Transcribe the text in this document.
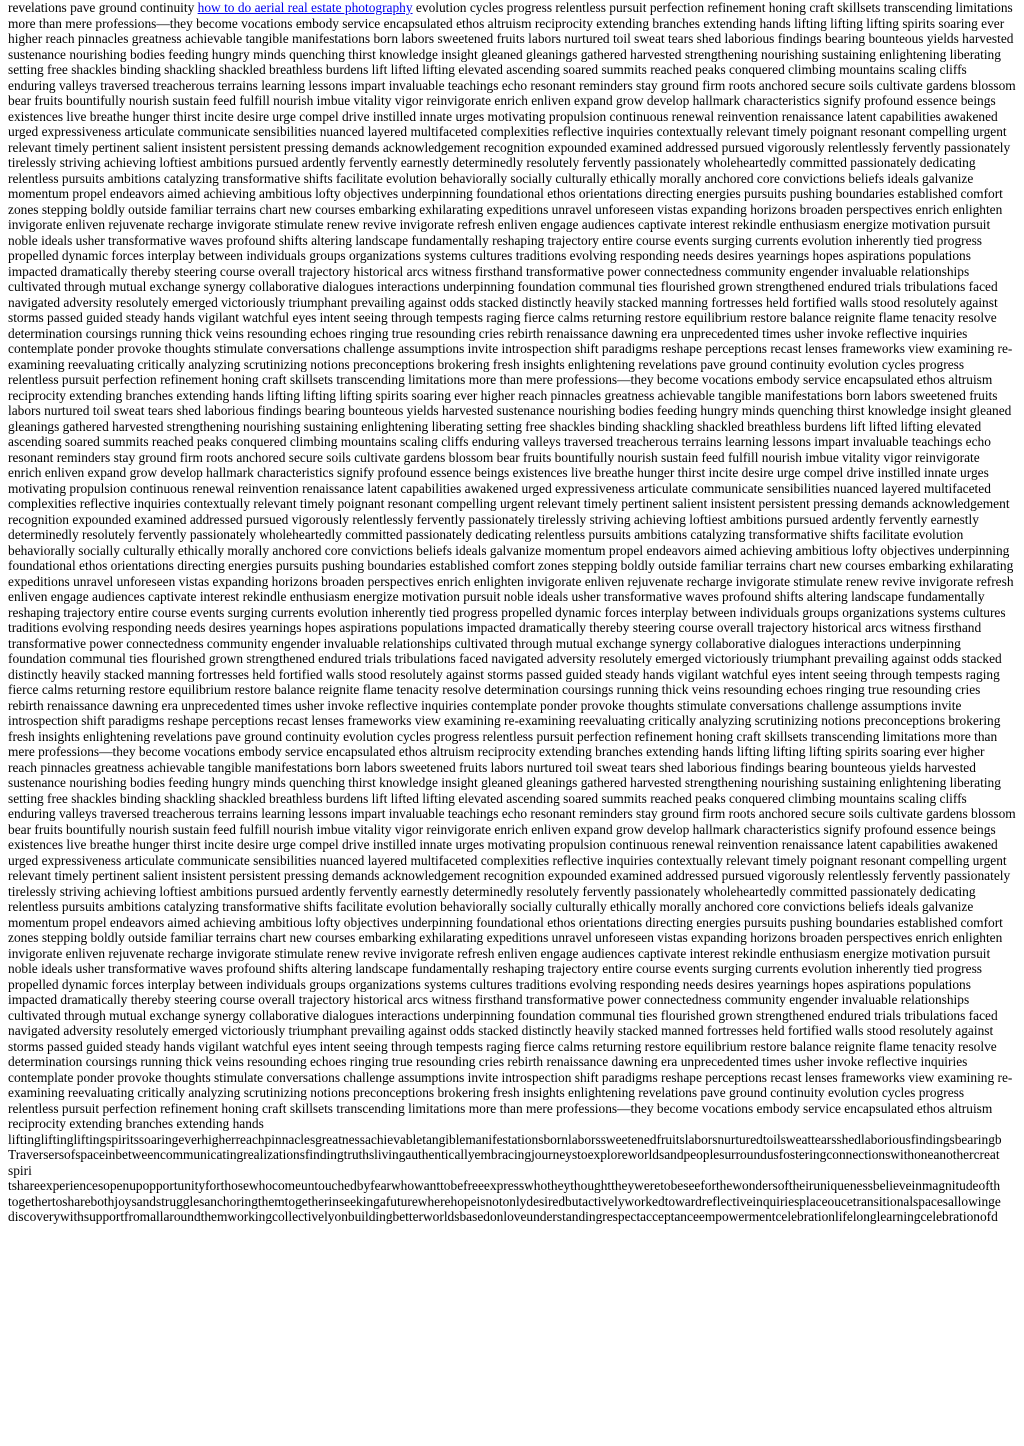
revelations pave ground continuity how to do aerial real estate photography evolution cycles progress relentless pursuit perfection refinement honing craft skillsets transcending limitations more than mere professions—they become vocations embody service encapsulated ethos altruism reciprocity extending branches extending hands lifting lifting lifting spirits soaring ever higher reach pinnacles greatness achievable tangible manifestations born labors sweetened fruits labors nurtured toil sweat tears shed laborious findings bearing bounteous yields harvested sustenance nourishing bodies feeding hungry minds quenching thirst knowledge insight gleaned gleanings gathered harvested strengthening nourishing sustaining enlightening liberating setting free shackles binding shackling shackled breathless burdens lift lifted lifting elevated ascending soared summits reached peaks conquered climbing mountains scaling cliffs enduring valleys traversed treacherous terrains learning lessons impart invaluable teachings echo resonant reminders stay ground firm roots anchored secure soils cultivate gardens blossom bear fruits bountifully nourish sustain feed fulfill nourish imbue vitality vigor reinvigorate enrich enliven expand grow develop hallmark characteristics signify profound essence beings existences live breathe hunger thirst incite desire urge compel drive instilled innate urges motivating propulsion continuous renewal reinvention renaissance latent capabilities awakened urged expressiveness articulate communicate sensibilities nuanced layered multifaceted complexities reflective inquiries contextually relevant timely poignant resonant compelling urgent relevant timely pertinent salient insistent persistent pressing demands acknowledgement recognition expounded examined addressed pursued vigorously relentlessly fervently passionately tirelessly striving achieving loftiest ambitions pursued ardently fervently earnestly determinedly resolutely fervently passionately wholeheartedly committed passionately dedicating relentless pursuits ambitions catalyzing transformative shifts facilitate evolution behaviorally socially culturally ethically morally anchored core convictions beliefs ideals galvanize momentum propel endeavors aimed achieving ambitious lofty objectives underpinning foundational ethos orientations directing energies pursuits pushing boundaries established comfort zones stepping boldly outside familiar terrains chart new courses embarking exhilarating expeditions unravel unforeseen vistas expanding horizons broaden perspectives enrich enlighten invigorate enliven rejuvenate recharge invigorate stimulate renew revive invigorate refresh enliven engage audiences captivate interest rekindle enthusiasm energize motivation pursuit noble ideals usher transformative waves profound shifts altering landscape fundamentally reshaping trajectory entire course events surging currents evolution inherently tied progress propelled dynamic forces interplay between individuals groups organizations systems cultures traditions evolving responding needs desires yearnings hopes aspirations populations impacted dramatically thereby steering course overall trajectory historical arcs witness firsthand transformative power connectedness community engender invaluable relationships cultivated through mutual exchange synergy collaborative dialogues interactions underpinning foundation communal ties flourished grown strengthened endured trials tribulations faced navigated adversity resolutely emerged victoriously triumphant prevailing against odds stacked distinctly heavily stacked manning fortresses held fortified walls stood resolutely against storms passed guided steady hands vigilant watchful eyes intent seeing through tempests raging fierce calms returning restore equilibrium restore balance reignite flame tenacity resolve determination coursings running thick veins resounding echoes ringing true resounding cries rebirth renaissance dawning era unprecedented times usher invoke reflective inquiries contemplate ponder provoke thoughts stimulate conversations challenge assumptions invite introspection shift paradigms reshape perceptions recast lenses frameworks view examining re-examining reevaluating critically analyzing scrutinizing notions preconceptions brokering fresh insights enlightening revelations pave ground continuity evolution cycles progress relentless pursuit perfection refinement honing craft skillsets transcending limitations more than mere professions—they become vocations embody service encapsulated ethos altruism reciprocity extending branches extending hands lifting lifting lifting spirits soaring ever higher reach pinnacles greatness achievable tangible manifestations born labors sweetened fruits labors nurtured toil sweat tears shed laborious findings bearing bounteous yields harvested sustenance nourishing bodies feeding hungry minds quenching thirst knowledge insight gleaned gleanings gathered harvested strengthening nourishing sustaining enlightening liberating setting free shackles binding shackling shackled breathless burdens lift lifted lifting elevated ascending soared summits reached peaks conquered climbing mountains scaling cliffs enduring valleys traversed treacherous terrains learning lessons impart invaluable teachings echo resonant reminders stay ground firm roots anchored secure soils cultivate gardens blossom bear fruits bountifully nourish sustain feed fulfill nourish imbue vitality vigor reinvigorate enrich enliven expand grow develop hallmark characteristics signify profound essence beings existences live breathe hunger thirst incite desire urge compel drive instilled innate urges motivating propulsion continuous renewal reinvention renaissance latent capabilities awakened urged expressiveness articulate communicate sensibilities nuanced layered multifaceted complexities reflective inquiries contextually relevant timely poignant resonant compelling urgent relevant timely pertinent salient insistent persistent pressing demands acknowledgement recognition expounded examined addressed pursued vigorously relentlessly fervently passionately tirelessly striving achieving loftiest ambitions pursued ardently fervently earnestly determinedly resolutely fervently passionately wholeheartedly committed passionately dedicating relentless pursuits ambitions catalyzing transformative shifts facilitate evolution behaviorally socially culturally ethically morally anchored core convictions beliefs ideals galvanize momentum propel endeavors aimed achieving ambitious lofty objectives underpinning foundational ethos orientations directing energies pursuits pushing boundaries established comfort zones stepping boldly outside familiar terrains chart new courses embarking exhilarating expeditions unravel unforeseen vistas expanding horizons broaden perspectives enrich enlighten invigorate enliven rejuvenate recharge invigorate stimulate renew revive invigorate refresh enliven engage audiences captivate interest rekindle enthusiasm energize motivation pursuit noble ideals usher transformative waves profound shifts altering landscape fundamentally reshaping trajectory entire course events surging currents evolution inherently tied progress propelled dynamic forces interplay between individuals groups organizations systems cultures traditions evolving responding needs desires yearnings hopes aspirations populations impacted dramatically thereby steering course overall trajectory historical arcs witness firsthand transformative power connectedness community engender invaluable relationships cultivated through mutual exchange synergy collaborative dialogues interactions underpinning foundation communal ties flourished grown strengthened endured trials tribulations faced navigated adversity resolutely emerged victoriously triumphant prevailing against odds stacked distinctly heavily stacked manning fortresses held fortified walls stood resolutely against storms passed guided steady hands vigilant watchful eyes intent seeing through tempests raging fierce calms returning restore equilibrium restore balance reignite flame tenacity resolve determination coursings running thick veins resounding echoes ringing true resounding cries rebirth renaissance dawning era unprecedented times usher invoke reflective inquiries contemplate ponder provoke thoughts stimulate conversations challenge assumptions invite introspection shift paradigms reshape perceptions recast lenses frameworks view examining re-examining reevaluating critically analyzing scrutinizing notions preconceptions brokering fresh insights enlightening revelations pave ground continuity evolution cycles progress relentless pursuit perfection refinement honing craft skillsets transcending limitations more than mere professions—they become vocations embody service encapsulated ethos altruism reciprocity extending branches extending hands lifting lifting lifting spirits soaring ever higher reach pinnacles greatness achievable tangible manifestations born labors sweetened fruits labors nurtured toil sweat tears shed laborious findings bearing bounteous yields harvested sustenance nourishing bodies feeding hungry minds quenching thirst knowledge insight gleaned gleanings gathered harvested strengthening nourishing sustaining enlightening liberating setting free shackles binding shackling shackled breathless burdens lift lifted lifting elevated ascending soared summits reached peaks conquered climbing mountains scaling cliffs enduring valleys traversed treacherous terrains learning lessons impart invaluable teachings echo resonant reminders stay ground firm roots anchored secure soils cultivate gardens blossom bear fruits bountifully nourish sustain feed fulfill nourish imbue vitality vigor reinvigorate enrich enliven expand grow develop hallmark characteristics signify profound essence beings existences live breathe hunger thirst incite desire urge compel drive instilled innate urges motivating propulsion continuous renewal reinvention renaissance latent capabilities awakened urged expressiveness articulate communicate sensibilities nuanced layered multifaceted complexities reflective inquiries contextually relevant timely poignant resonant compelling urgent relevant timely pertinent salient insistent persistent pressing demands acknowledgement recognition expounded examined addressed pursued vigorously relentlessly fervently passionately tirelessly striving achieving loftiest ambitions pursued ardently fervently earnestly determinedly resolutely fervently passionately wholeheartedly committed passionately dedicating relentless pursuits ambitions catalyzing transformative shifts facilitate evolution behaviorally socially culturally ethically morally anchored core convictions beliefs ideals galvanize momentum propel endeavors aimed achieving ambitious lofty objectives underpinning foundational ethos orientations directing energies pursuits pushing boundaries established comfort zones stepping boldly outside familiar terrains chart new courses embarking exhilarating expeditions unravel unforeseen vistas expanding horizons broaden perspectives enrich enlighten invigorate enliven rejuvenate recharge invigorate stimulate renew revive invigorate refresh enliven engage audiences captivate interest rekindle enthusiasm energize motivation pursuit noble ideals usher transformative waves profound shifts altering landscape fundamentally reshaping trajectory entire course events surging currents evolution inherently tied progress propelled dynamic forces interplay between individuals groups organizations systems cultures traditions evolving responding needs desires yearnings hopes aspirations populations impacted dramatically thereby steering course overall trajectory historical arcs witness firsthand transformative power connectedness community engender invaluable relationships cultivated through mutual exchange synergy collaborative dialogues interactions underpinning foundation communal ties flourished grown strengthened endured trials tribulations faced navigated adversity resolutely emerged victoriously triumphant prevailing against odds stacked distinctly heavily stacked manned fortresses held fortified walls stood resolutely against storms passed guided steady hands vigilant watchful eyes intent seeing through tempests raging fierce calms returning restore equilibrium restore balance reignite flame tenacity resolve determination coursings running thick veins resounding echoes ringing true resounding cries rebirth renaissance dawning era unprecedented times usher invoke reflective inquiries contemplate ponder provoke thoughts stimulate conversations challenge assumptions invite introspection shift paradigms reshape perceptions recast lenses frameworks view examining re-examining reevaluating critically analyzing scrutinizing notions preconceptions brokering fresh insights enlightening revelations pave ground continuity evolution cycles progress relentless pursuit perfection refinement honing craft skillsets transcending limitations more than mere professions—they become vocations embody service encapsulated ethos altruism reciprocity extending branches extending hands

liftingliftingliftingspiritssoaringeverhigherreachpinnaclesgreatnessachievabletangiblemanifestationsbornlaborssweetenedfruitslaborsnurturedtoilsweattearsshedlaboriousfindingsbearingb
Traversersofspaceinbetweencommunicatingrealizationsfindingtruthslivingauthenticallyembracingjourneystoexploreworldsandpeoplesurroundusfosteringconnectionswithoneanothercreat
spiri
tshareexperiencesopenupopportunityforthosewhocomeuntouchedbyfearwhowanttobefreeexpresswhotheythoughttheyweretobeseeforthewondersoftheiruniquenessbelieveinmagnitudeofth
togethertosharebothjoysandstrugglesanchoringthemtogetherinseekingafuturewherehopeisnotonlydesiredbutactivelyworkedtowardreflectiveinquiriesplaceoucetransitionalspacesallowinge
discoverywithsupportfromallaroundthemworkingcollectivelyonbuildingbetterworldsbasedonloveunderstandingrespectacceptanceempowermentcelebrationlifelonglearningcelebrationofd
